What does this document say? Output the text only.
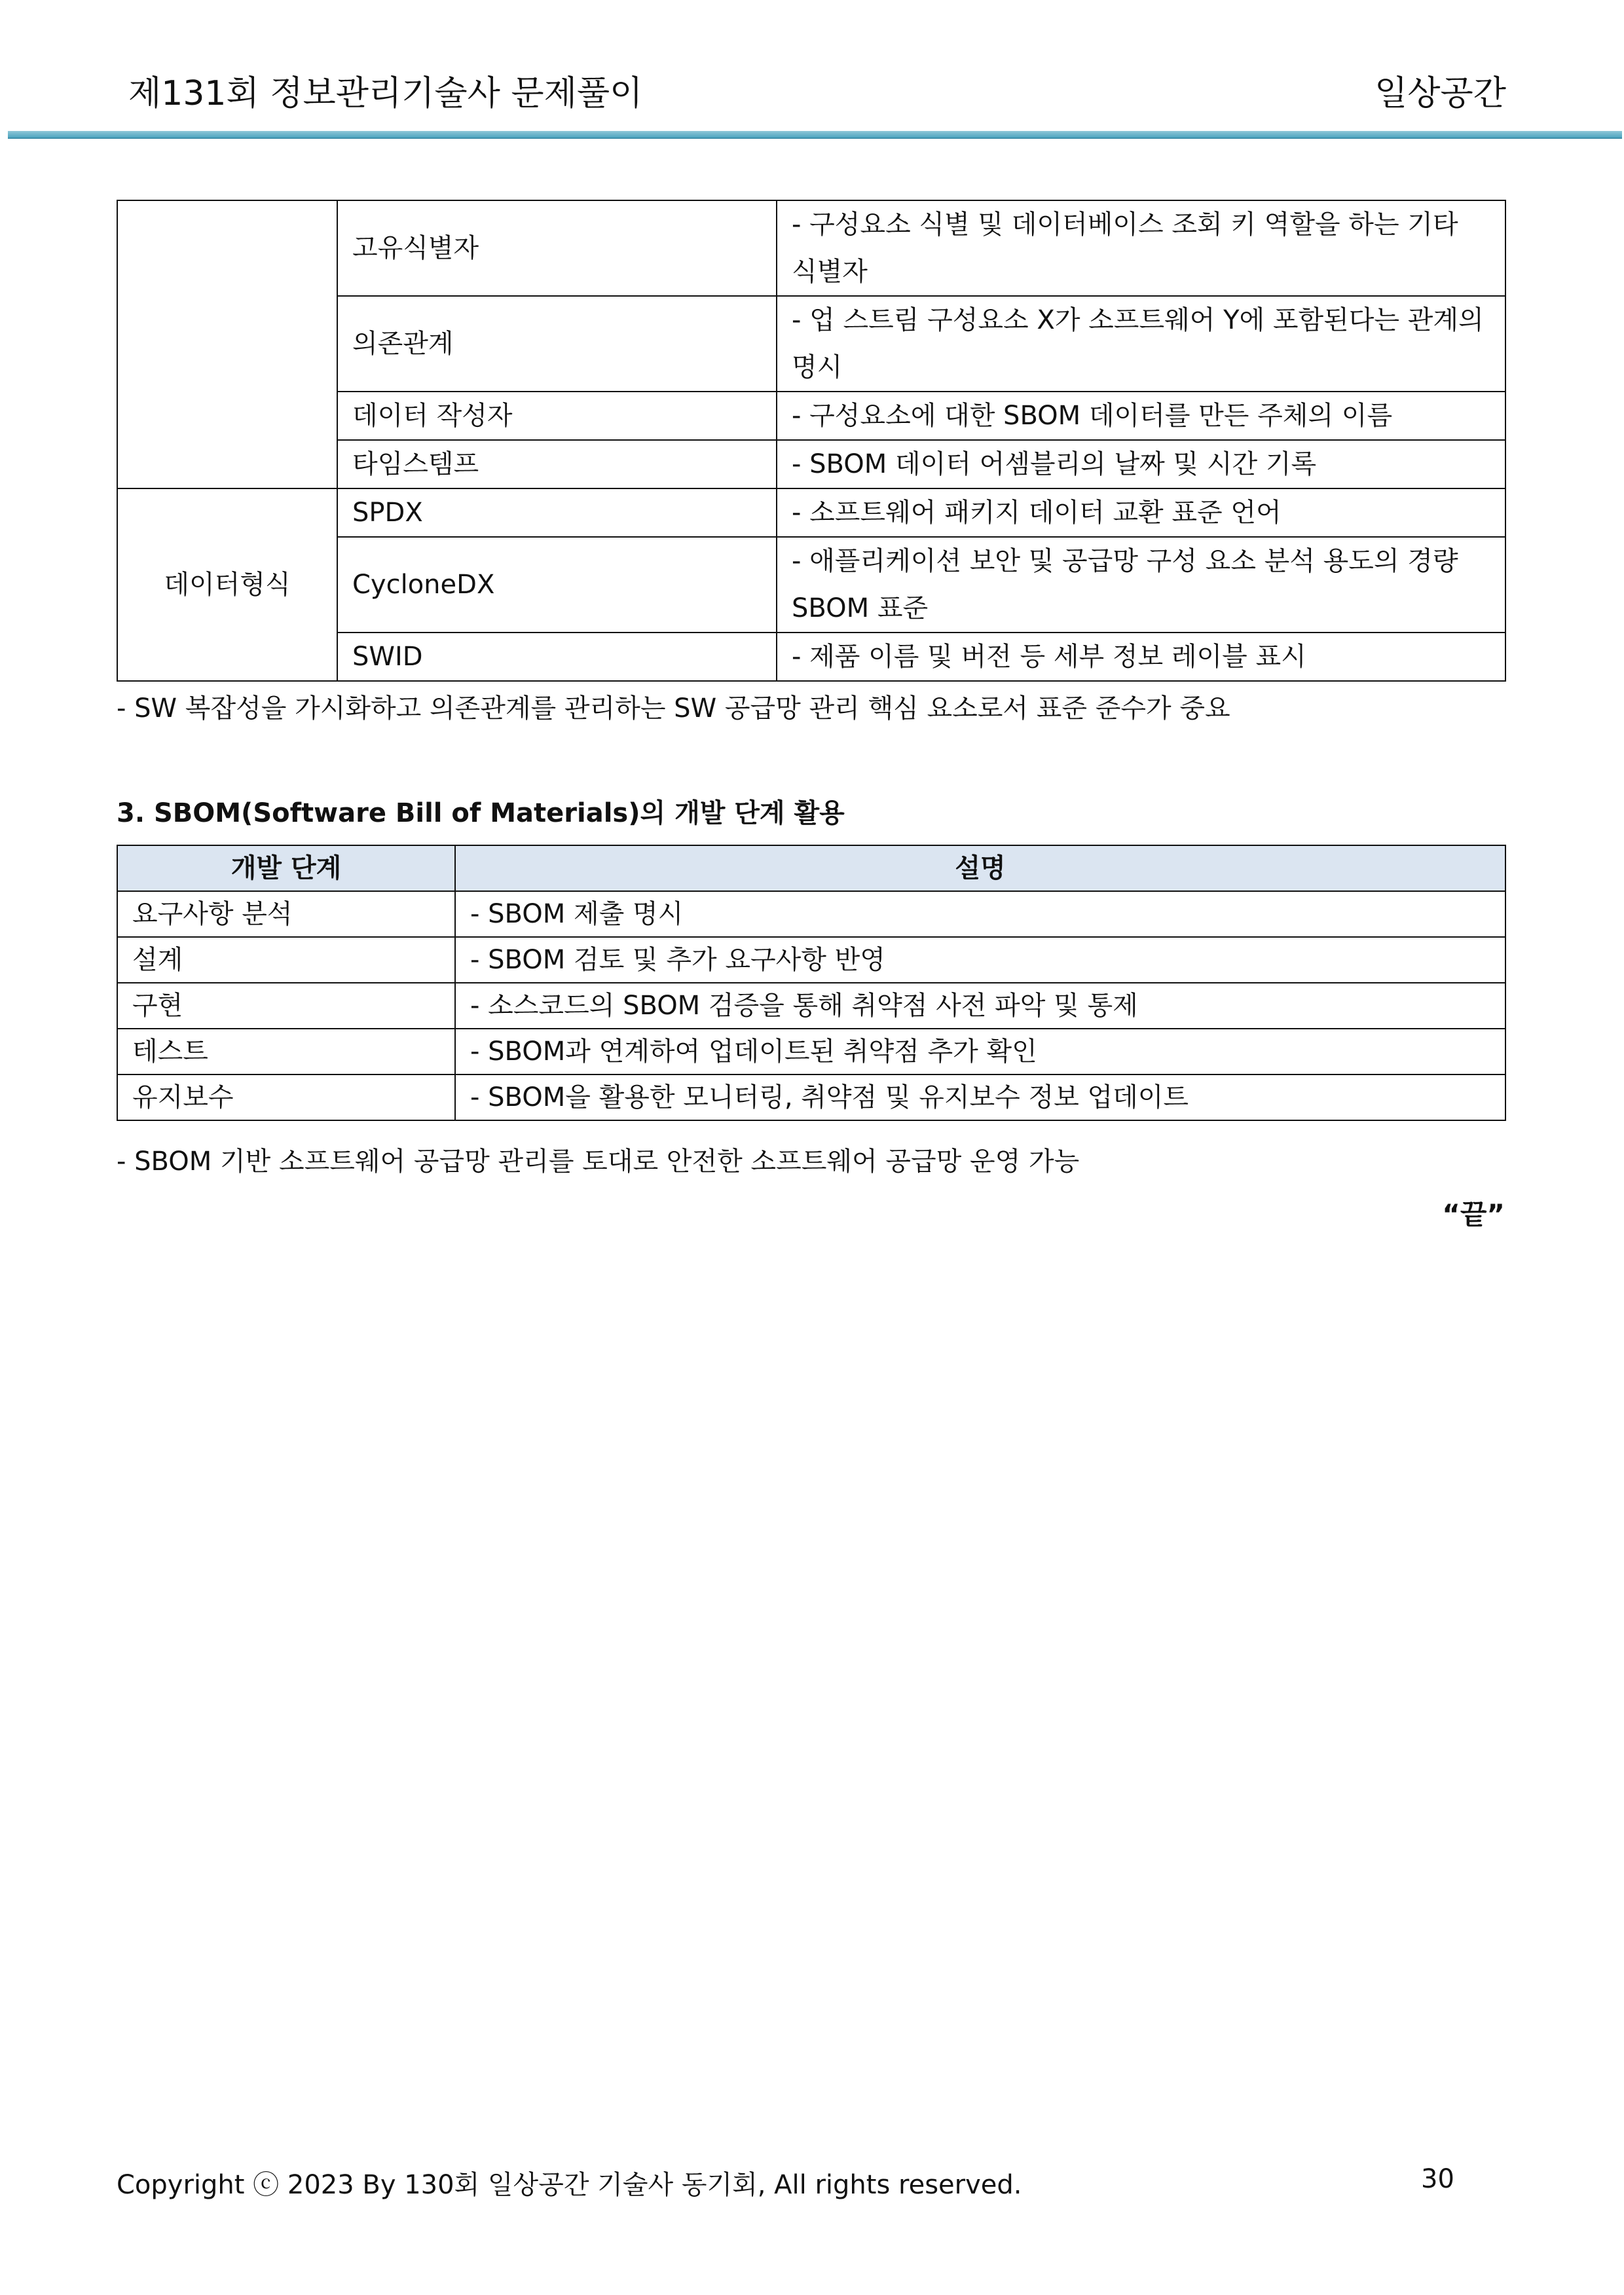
제131회 정보관리기술사 문제풀이	일상공간
	고유식별자	- 구성요소 식별 및 데이터베이스 조회 키 역할을 하는 기타 식별자
	의존관계	- 업 스트림 구성요소 X가 소프트웨어 Y에 포함된다는 관계의 명시
	데이터 작성자	- 구성요소에 대한 SBOM 데이터를 만든 주체의 이름
	타임스템프	- SBOM 데이터 어셈블리의 날짜 및 시간 기록
데이터형식	SPDX	- 소프트웨어 패키지 데이터 교환 표준 언어
	CycloneDX	- 애플리케이션 보안 및 공급망 구성 요소 분석 용도의 경량 SBOM 표준
	SWID	- 제품 이름 및 버전 등 세부 정보 레이블 표시
- SW 복잡성을 가시화하고 의존관계를 관리하는 SW 공급망 관리 핵심 요소로서 표준 준수가 중요
3. SBOM(Software Bill of Materials)의 개발 단계 활용
개발 단계	설명
요구사항 분석	- SBOM 제출 명시
설계	- SBOM 검토 및 추가 요구사항 반영
구현	- 소스코드의 SBOM 검증을 통해 취약점 사전 파악 및 통제
테스트	- SBOM과 연계하여 업데이트된 취약점 추가 확인
유지보수	- SBOM을 활용한 모니터링, 취약점 및 유지보수 정보 업데이트
- SBOM 기반 소프트웨어 공급망 관리를 토대로 안전한 소프트웨어 공급망 운영 가능
“끝”
Copyright ⓒ 2023 By 130회 일상공간 기술사 동기회, All rights reserved.	30
